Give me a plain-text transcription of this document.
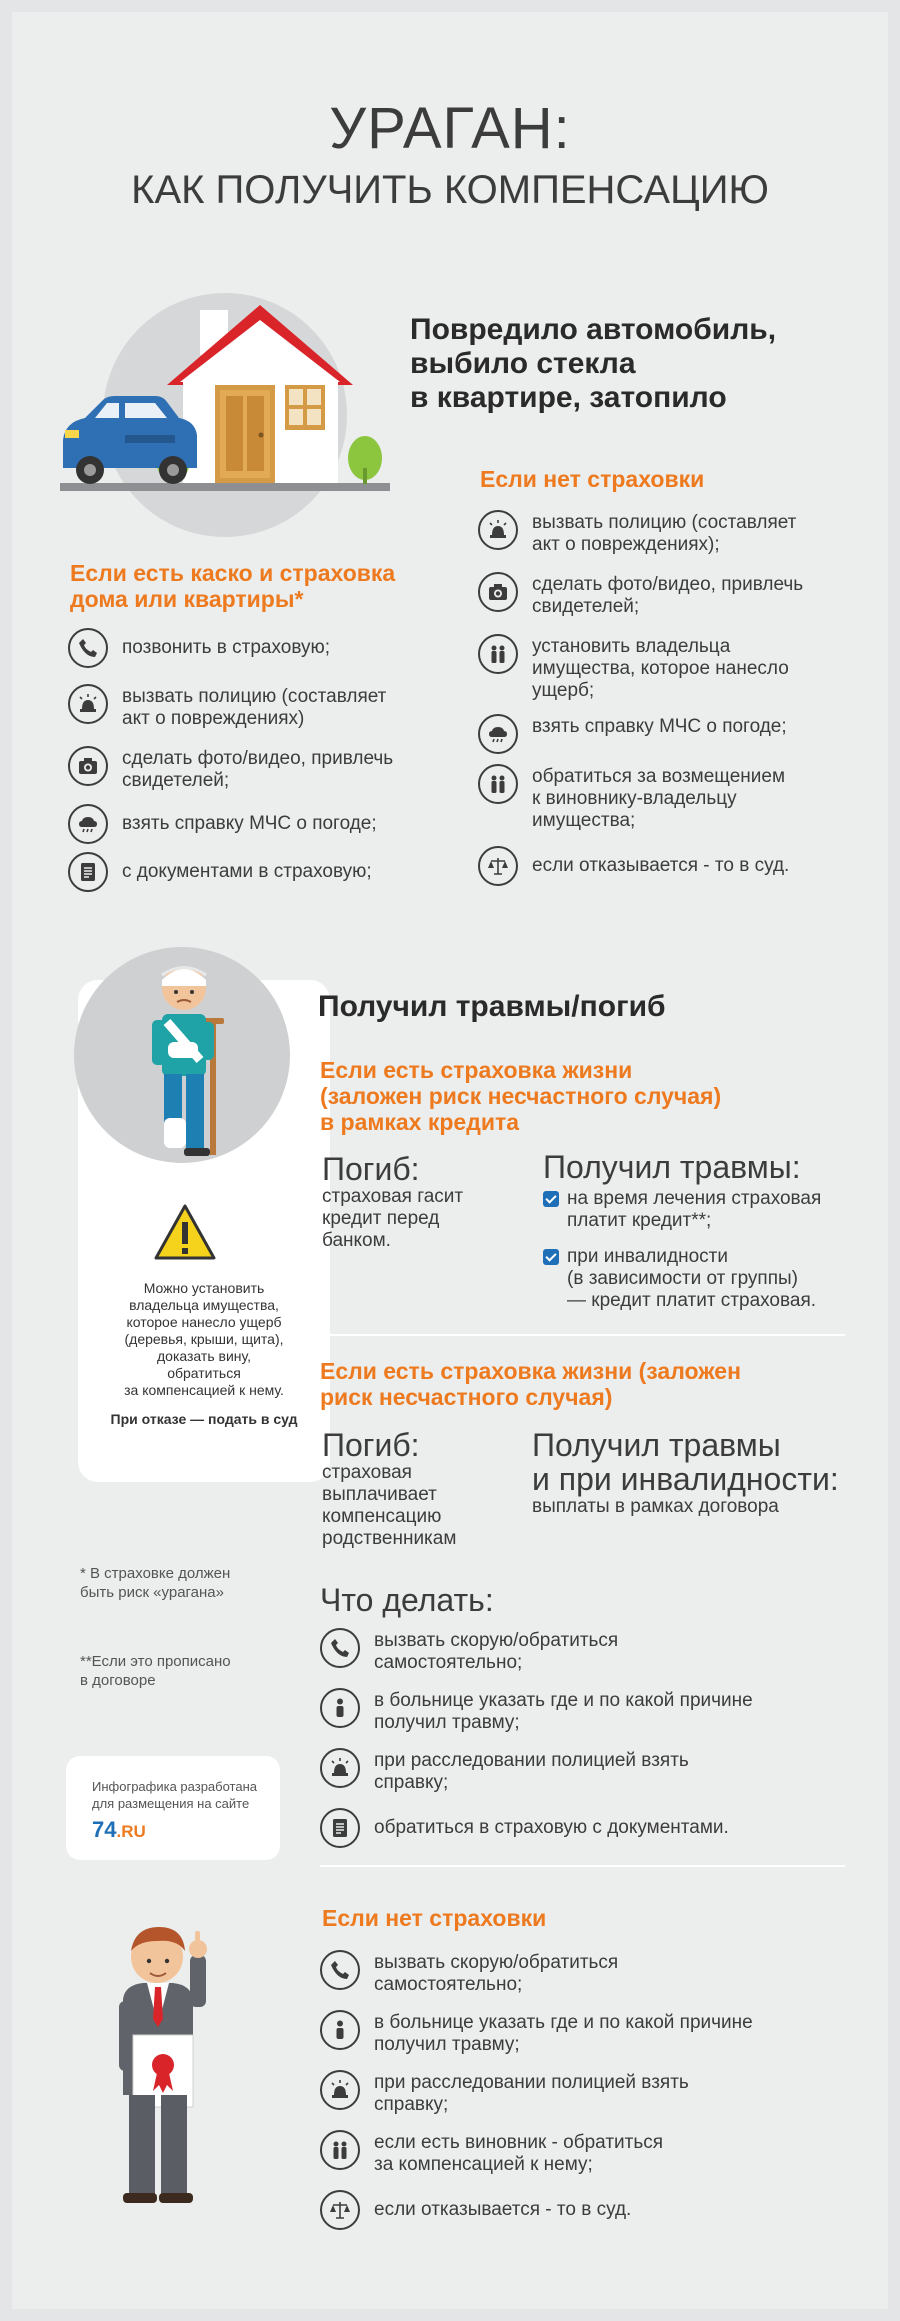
УРАГАН:
КАК ПОЛУЧИТЬ КОМПЕНСАЦИЮ
Повредило автомобиль,
выбило стекла
в квартире, затопило
Если нет страховки
вызвать полицию (составляет
акт о повреждениях);
сделать фото/видео, привлечь
свидетелей;
установить владельца
имущества, которое нанесло
ущерб;
взять справку МЧС о погоде;
обратиться за возмещением
к виновнику-владельцу
имущества;
если отказывается - то в суд.
Если есть каско и страховка
дома или квартиры*
позвонить в страховую;
вызвать полицию (составляет
акт о повреждениях)
сделать фото/видео, привлечь
свидетелей;
взять справку МЧС о погоде;
с документами в страховую;
Можно установить
владельца имущества,
которое нанесло ущерб
(деревья, крыши, щита),
доказать вину,
обратиться
за компенсацией к нему.
При отказе — подать в суд
Получил травмы/погиб
Если есть страховка жизни
(заложен риск несчастного случая)
в рамках кредита
Погиб:
страховая гасит
кредит перед
банком.
Получил травмы:
на время лечения страховая
платит кредит**;
при инвалидности
(в зависимости от группы)
— кредит платит страховая.
Если есть страховка жизни (заложен
риск несчастного случая)
Погиб:
страховая
выплачивает
компенсацию
родственникам
Получил травмы
и при инвалидности:
выплаты в рамках договора
Что делать:
вызвать скорую/обратиться
самостоятельно;
в больнице указать где и по какой причине
получил травму;
при расследовании полицией взять
справку;
обратиться в страховую с документами.
* В страховке должен
быть риск «урагана»
**Если это прописано
в договоре
Инфографика разработана
для размещения на сайте
74.RU
Если нет страховки
вызвать скорую/обратиться
самостоятельно;
в больнице указать где и по какой причине
получил травму;
при расследовании полицией взять
справку;
если есть виновник - обратиться
за компенсацией к нему;
если отказывается - то в суд.
